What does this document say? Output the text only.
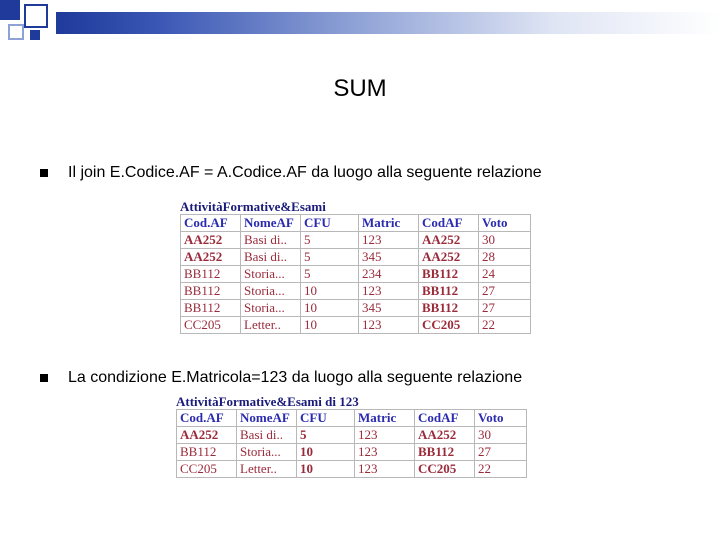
SUM
Il join E.Codice.AF = A.Codice.AF da luogo alla seguente relazione
AttivitàFormative&Esami
Cod.AF	NomeAF	CFU	Matric	CodAF	Voto
AA252	Basi di..	5	123	AA252	30
AA252	Basi di..	5	345	AA252	28
BB112	Storia...	5	234	BB112	24
BB112	Storia...	10	123	BB112	27
BB112	Storia...	10	345	BB112	27
CC205	Letter..	10	123	CC205	22
La condizione E.Matricola=123 da luogo alla seguente relazione
AttivitàFormative&Esami di 123
Cod.AF	NomeAF	CFU	Matric	CodAF	Voto
AA252	Basi di..	5	123	AA252	30
BB112	Storia...	10	123	BB112	27
CC205	Letter..	10	123	CC205	22
